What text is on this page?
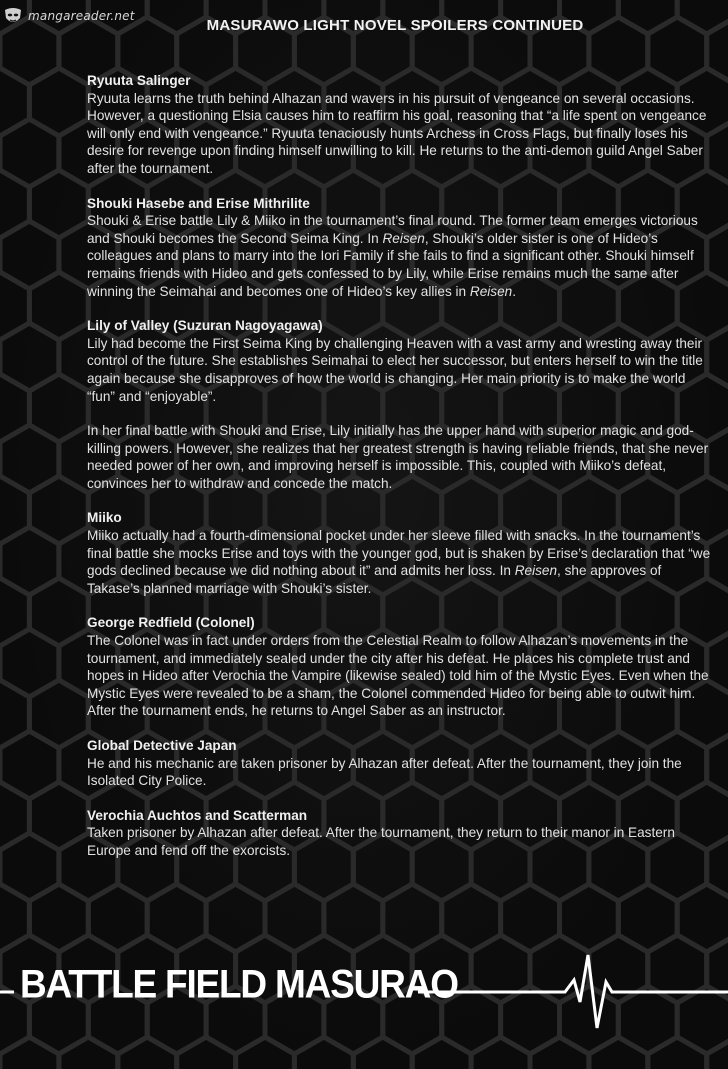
mangareader.net
MASURAWO LIGHT NOVEL SPOILERS CONTINUED
Ryuuta Salinger
Ryuuta learns the truth behind Alhazan and wavers in his pursuit of vengeance on several occasions. However, a questioning Elsia causes him to reaffirm his goal, reasoning that “a life spent on vengeance will only end with vengeance.” Ryuuta tenaciously hunts Archess in Cross Flags, but finally loses his desire for revenge upon finding himself unwilling to kill. He returns to the anti-demon guild Angel Saber after the tournament.
Shouki Hasebe and Erise Mithrilite
Shouki & Erise battle Lily & Miiko in the tournament’s final round. The former team emerges victorious and Shouki becomes the Second Seima King. In Reisen, Shouki’s older sister is one of Hideo’s colleagues and plans to marry into the Iori Family if she fails to find a significant other. Shouki himself remains friends with Hideo and gets confessed to by Lily, while Erise remains much the same after winning the Seimahai and becomes one of Hideo’s key allies in Reisen.
Lily of Valley (Suzuran Nagoyagawa)
Lily had become the First Seima King by challenging Heaven with a vast army and wresting away their control of the future. She establishes Seimahai to elect her successor, but enters herself to win the title again because she disapproves of how the world is changing. Her main priority is to make the world “fun” and “enjoyable”.
In her final battle with Shouki and Erise, Lily initially has the upper hand with superior magic and god-killing powers. However, she realizes that her greatest strength is having reliable friends, that she never needed power of her own, and improving herself is impossible. This, coupled with Miiko’s defeat, convinces her to withdraw and concede the match.
Miiko
Miiko actually had a fourth-dimensional pocket under her sleeve filled with snacks. In the tournament’s final battle she mocks Erise and toys with the younger god, but is shaken by Erise’s declaration that “we gods declined because we did nothing about it” and admits her loss. In Reisen, she approves of Takase’s planned marriage with Shouki’s sister.
George Redfield (Colonel)
The Colonel was in fact under orders from the Celestial Realm to follow Alhazan’s movements in the tournament, and immediately sealed under the city after his defeat. He places his complete trust and hopes in Hideo after Verochia the Vampire (likewise sealed) told him of the Mystic Eyes. Even when the Mystic Eyes were revealed to be a sham, the Colonel commended Hideo for being able to outwit him. After the tournament ends, he returns to Angel Saber as an instructor.
Global Detective Japan
He and his mechanic are taken prisoner by Alhazan after defeat. After the tournament, they join the Isolated City Police.
Verochia Auchtos and Scatterman
Taken prisoner by Alhazan after defeat. After the tournament, they return to their manor in Eastern Europe and fend off the exorcists.
BATTLE FIELD MASURAO
